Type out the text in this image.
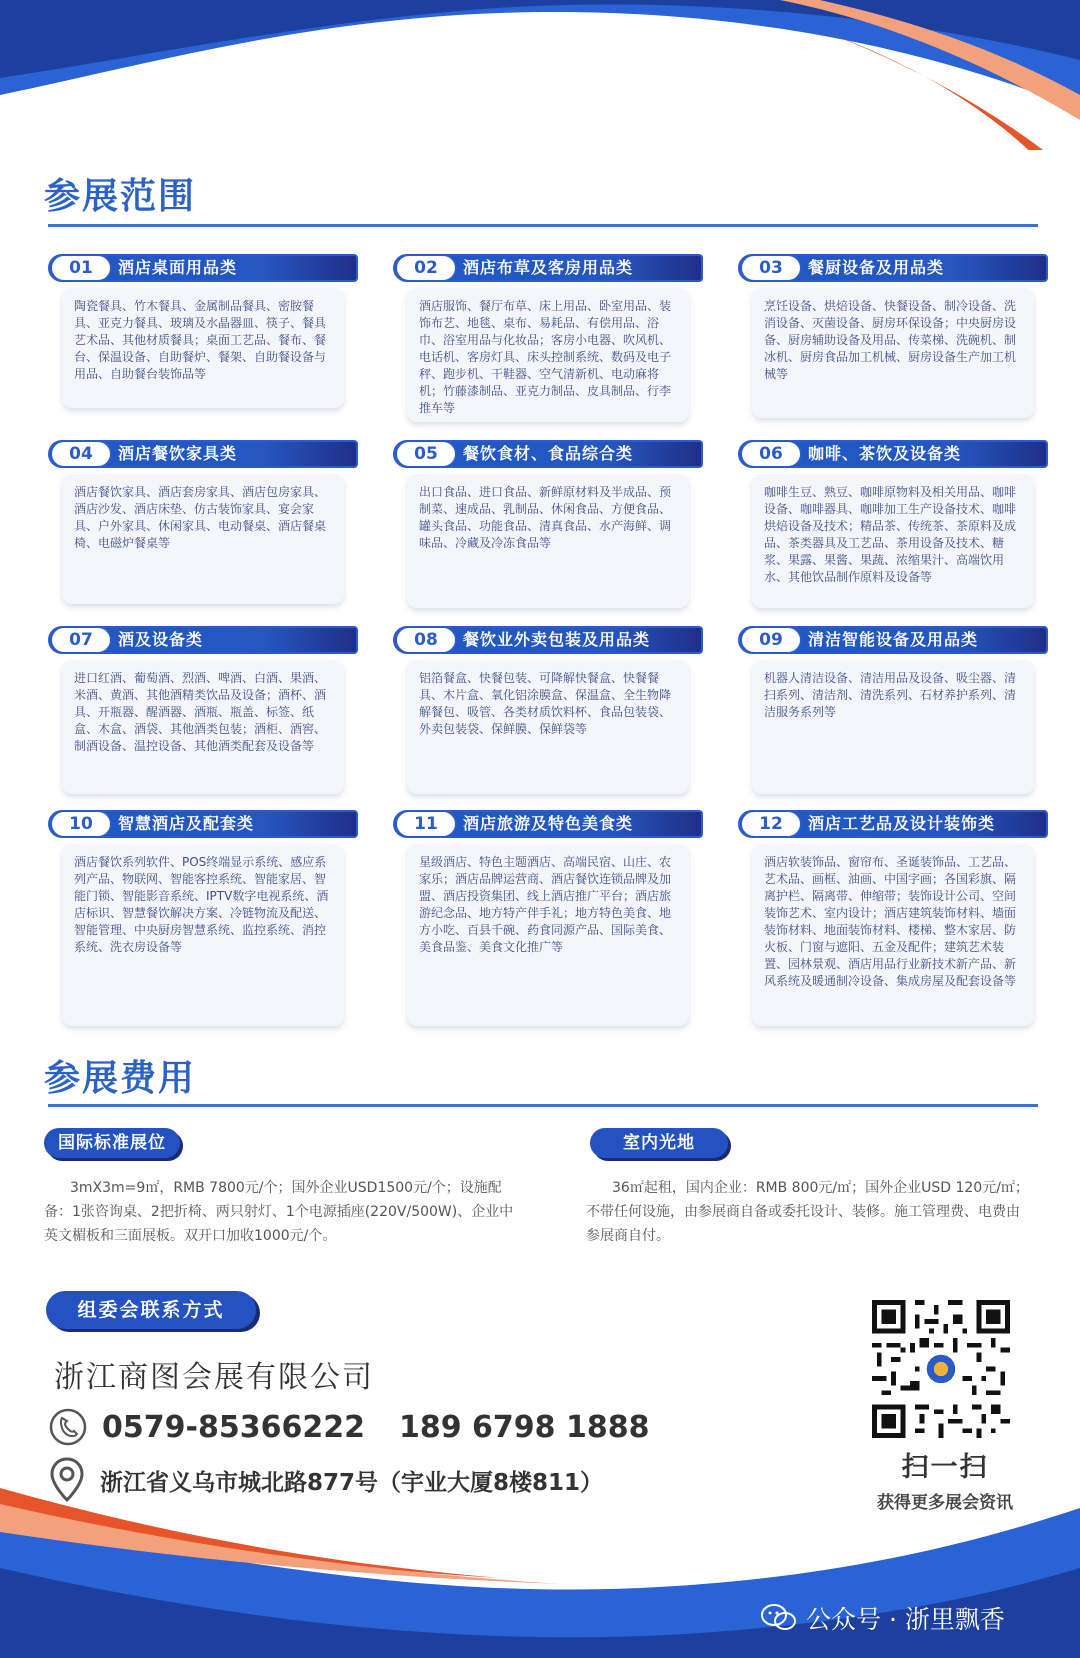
参展范围
01	酒店桌面用品类
陶瓷餐具、竹木餐具、金属制品餐具、密胺餐具、亚克力餐具、玻璃及水晶器皿、筷子、餐具艺术品、其他材质餐具；桌面工艺品、餐布、餐台、保温设备、自助餐炉、餐架、自助餐设备与用品、自助餐台装饰品等
02	酒店布草及客房用品类
酒店服饰、餐厅布草、床上用品、卧室用品、装饰布艺、地毯、桌布、易耗品、有偿用品、浴巾、浴室用品与化妆品；客房小电器、吹风机、电话机、客房灯具、床头控制系统、数码及电子秤、跑步机、干鞋器、空气清新机、电动麻将机；竹藤漆制品、亚克力制品、皮具制品、行李推车等
03	餐厨设备及用品类
烹饪设备、烘焙设备、快餐设备、制冷设备、洗消设备、灭菌设备、厨房环保设备；中央厨房设备、厨房辅助设备及用品、传菜梯、洗碗机、制冰机、厨房食品加工机械、厨房设备生产加工机械等
04	酒店餐饮家具类
酒店餐饮家具、酒店套房家具、酒店包房家具、酒店沙发、酒店床垫、仿古装饰家具、宴会家具、户外家具、休闲家具、电动餐桌、酒店餐桌椅、电磁炉餐桌等
05	餐饮食材、食品综合类
出口食品、进口食品、新鲜原材料及半成品、预制菜、速成品、乳制品、休闲食品、方便食品、罐头食品、功能食品、清真食品、水产海鲜、调味品、冷藏及冷冻食品等
06	咖啡、茶饮及设备类
咖啡生豆、熟豆、咖啡原物料及相关用品、咖啡设备、咖啡器具、咖啡加工生产设备技术、咖啡烘焙设备及技术；精品茶、传统茶、茶原料及成品、茶类器具及工艺品、茶用设备及技术、糖浆、果露、果酱、果蔬、浓缩果汁、高端饮用水、其他饮品制作原料及设备等
07	酒及设备类
进口红酒、葡萄酒、烈酒、啤酒、白酒、果酒、米酒、黄酒、其他酒精类饮品及设备；酒杯、酒具、开瓶器、醒酒器、酒瓶、瓶盖、标签、纸盒、木盒、酒袋、其他酒类包装；酒柜、酒窖、制酒设备、温控设备、其他酒类配套及设备等
08	餐饮业外卖包装及用品类
铝箔餐盒、快餐包装、可降解快餐盒、快餐餐具、木片盒、氧化铝涂膜盒、保温盒、全生物降解餐包、吸管、各类材质饮料杯、食品包装袋、外卖包装袋、保鲜膜、保鲜袋等
09	清洁智能设备及用品类
机器人清洁设备、清洁用品及设备、吸尘器、清扫系列、清洁剂、清洗系列、石材养护系列、清洁服务系列等
10	智慧酒店及配套类
酒店餐饮系列软件、POS终端显示系统、感应系列产品、物联网、智能客控系统、智能家居、智能门锁、智能影音系统、IPTV数字电视系统、酒店标识、智慧餐饮解决方案、冷链物流及配送、智能管理、中央厨房智慧系统、监控系统、消控系统、洗衣房设备等
11	酒店旅游及特色美食类
星级酒店、特色主题酒店、高端民宿、山庄、农家乐；酒店品牌运营商、酒店餐饮连锁品牌及加盟、酒店投资集团、线上酒店推广平台；酒店旅游纪念品、地方特产伴手礼；地方特色美食、地方小吃、百县千碗、药食同源产品、国际美食、美食品鉴、美食文化推广等
12	酒店工艺品及设计装饰类
酒店软装饰品、窗帘布、圣诞装饰品、工艺品、艺术品、画框、油画、中国字画；各国彩旗、隔离护栏、隔离带、伸缩带；装饰设计公司、空间装饰艺术、室内设计；酒店建筑装饰材料、墙面装饰材料、地面装饰材料、楼梯、整木家居、防火板、门窗与遮阳、五金及配件；建筑艺术装置、园林景观、酒店用品行业新技术新产品、新风系统及暖通制冷设备、集成房屋及配套设备等
参展费用
国际标准展位
3mX3m=9㎡，RMB 7800元/个；国外企业USD1500元/个；设施配备：1张咨询桌、2把折椅、两只射灯、1个电源插座(220V/500W)、企业中英文楣板和三面展板。双开口加收1000元/个。
室内光地
36㎡起租，国内企业：RMB 800元/㎡；国外企业USD 120元/㎡；不带任何设施，由参展商自备或委托设计、装修。施工管理费、电费由参展商自付。
组委会联系方式
浙江商图会展有限公司
0579-85366222 189 6798 1888
浙江省义乌市城北路877号（宇业大厦8楼811）	扫一扫
获得更多展会资讯
公众号 · 浙里飘香
